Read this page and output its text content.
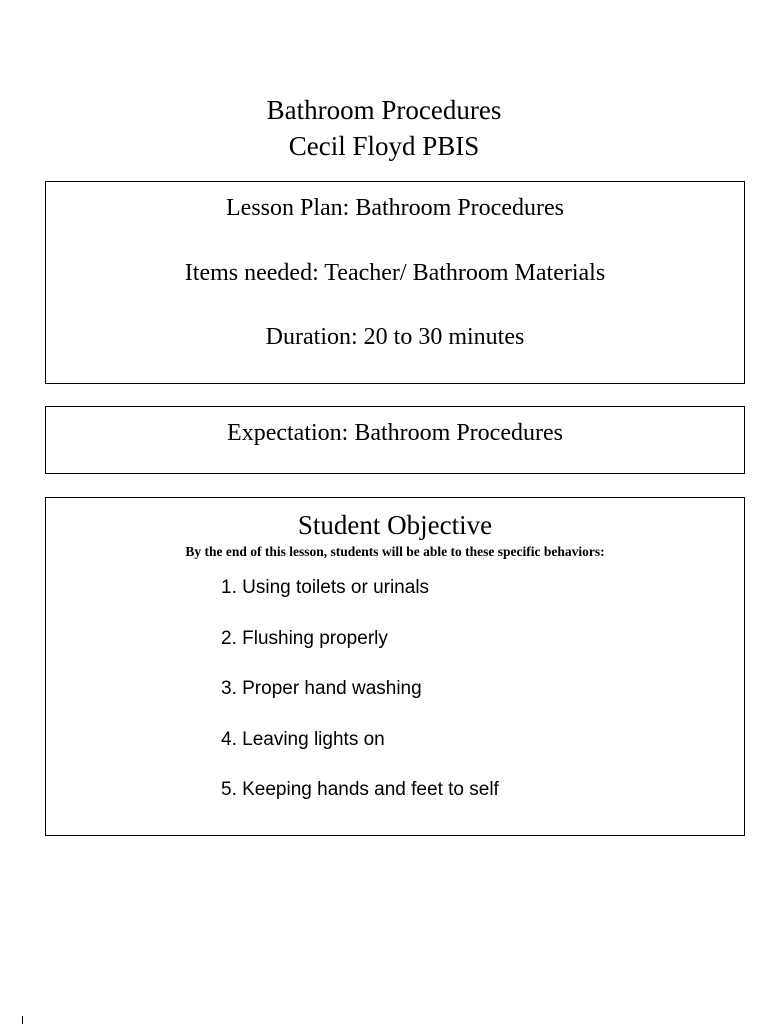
Bathroom Procedures
Cecil Floyd PBIS
Lesson Plan: Bathroom Procedures
Items needed: Teacher/ Bathroom Materials
Duration: 20 to 30 minutes
Expectation: Bathroom Procedures
Student Objective
By the end of this lesson, students will be able to these specific behaviors:
1. Using toilets or urinals
2. Flushing properly
3. Proper hand washing
4. Leaving lights on
5. Keeping hands and feet to self
